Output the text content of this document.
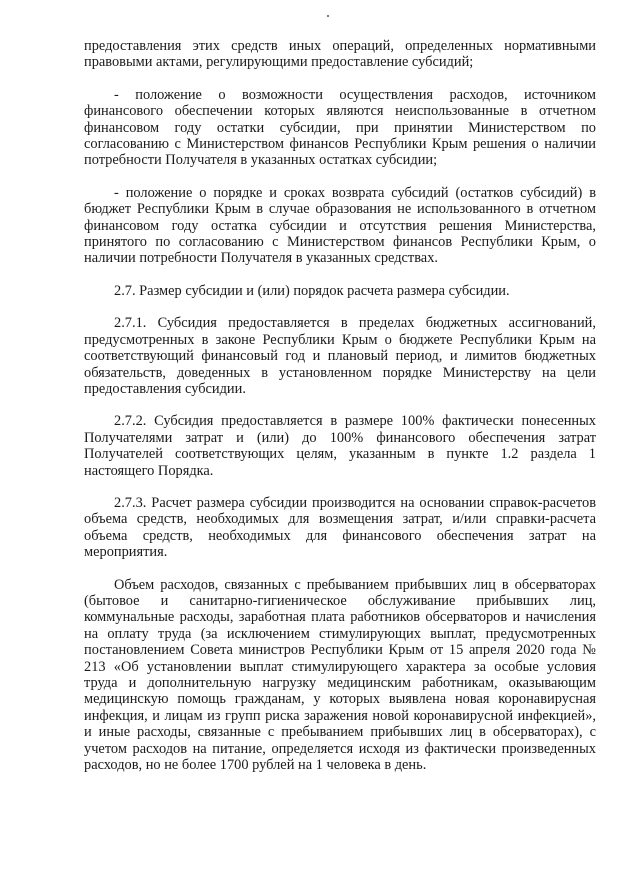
предоставления этих средств иных операций, определенных нормативными правовыми актами, регулирующими предоставление субсидий;

- положение о возможности осуществления расходов, источником финансового обеспечении которых являются неиспользованные в отчетном финансовом году остатки субсидии, при принятии Министерством по согласованию с Министерством финансов Республики Крым решения о наличии потребности Получателя в указанных остатках субсидии;

- положение о порядке и сроках возврата субсидий (остатков субсидий) в бюджет Республики Крым в случае образования не использованного в отчетном финансовом году остатка субсидии и отсутствия решения Министерства, принятого по согласованию с Министерством финансов Республики Крым, о наличии потребности Получателя в указанных средствах.

2.7. Размер субсидии и (или) порядок расчета размера субсидии.

2.7.1. Субсидия предоставляется в пределах бюджетных ассигнований, предусмотренных в законе Республики Крым о бюджете Республики Крым на соответствующий финансовый год и плановый период, и лимитов бюджетных обязательств, доведенных в установленном порядке Министерству на цели предоставления субсидии.

2.7.2. Субсидия предоставляется в размере 100% фактически понесенных Получателями затрат и (или) до 100% финансового обеспечения затрат Получателей соответствующих целям, указанным в пункте 1.2 раздела 1 настоящего Порядка.

2.7.3. Расчет размера субсидии производится на основании справок-расчетов объема средств, необходимых для возмещения затрат, и/или справки-расчета объема средств, необходимых для финансового обеспечения затрат на мероприятия.

Объем расходов, связанных с пребыванием прибывших лиц в обсерваторах (бытовое и санитарно-гигиеническое обслуживание прибывших лиц, коммунальные расходы, заработная плата работников обсерваторов и начисления на оплату труда (за исключением стимулирующих выплат, предусмотренных постановлением Совета министров Республики Крым от 15 апреля 2020 года № 213 «Об установлении выплат стимулирующего характера за особые условия труда и дополнительную нагрузку медицинским работникам, оказывающим медицинскую помощь гражданам, у которых выявлена новая коронавирусная инфекция, и лицам из групп риска заражения новой коронавирусной инфекцией», и иные расходы, связанные с пребыванием прибывших лиц в обсерваторах), с учетом расходов на питание, определяется исходя из фактически произведенных расходов, но не более 1700 рублей на 1 человека в день.
